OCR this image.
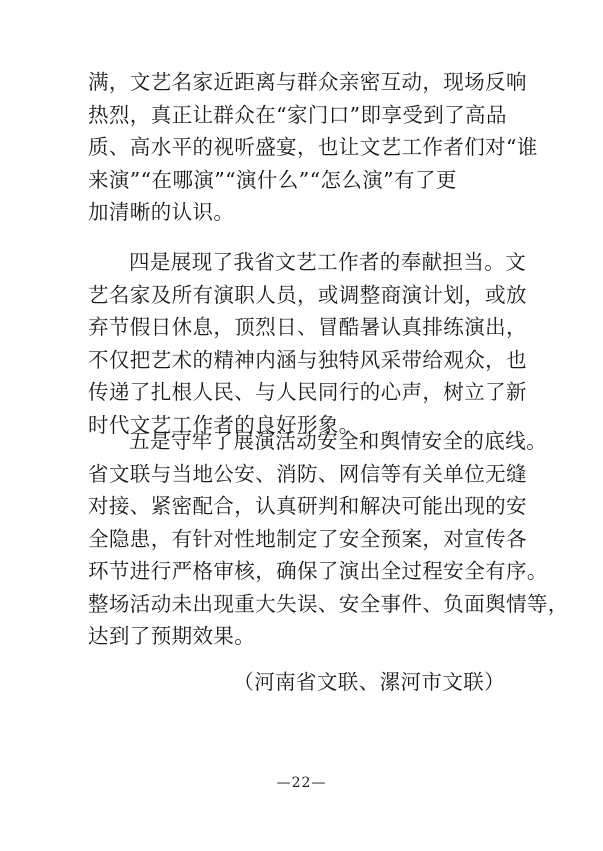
满，文艺名家近距离与群众亲密互动，现场反响
热烈，真正让群众在“家门口”即享受到了高品
质、高水平的视听盛宴，也让文艺工作者们对“谁
来演”“在哪演”“演什么”“怎么演”有了更
加清晰的认识。
四是展现了我省文艺工作者的奉献担当。文
艺名家及所有演职人员，或调整商演计划，或放
弃节假日休息，顶烈日、冒酷暑认真排练演出，
不仅把艺术的精神内涵与独特风采带给观众，也
传递了扎根人民、与人民同行的心声，树立了新
时代文艺工作者的良好形象。
五是守牢了展演活动安全和舆情安全的底线。
省文联与当地公安、消防、网信等有关单位无缝
对接、紧密配合，认真研判和解决可能出现的安
全隐患，有针对性地制定了安全预案，对宣传各
环节进行严格审核，确保了演出全过程安全有序。
整场活动未出现重大失误、安全事件、负面舆情等，
达到了预期效果。
（河南省文联、漯河市文联）
—22—
